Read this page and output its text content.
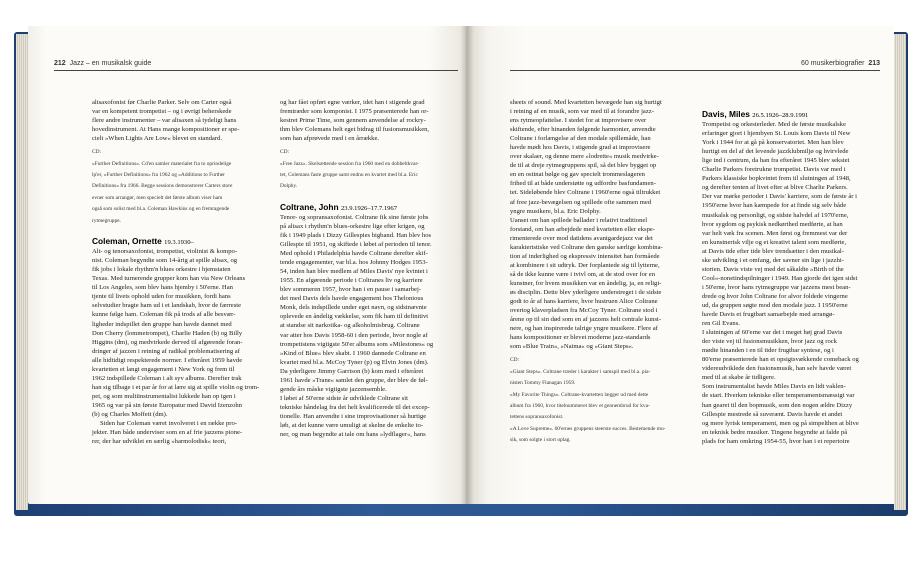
212 Jazz – en musikalsk guide

altsaxofonist før Charlie Parker. Selv om Carter også

var en kompetent trompetist – og i øvrigt beherskede

flere andre instrumenter – var altsaxen så tydeligt hans

hovedinstrument. At Hans mange kompositioner er spe-

cielt »When Lights Are Low« blevet en standard.

CD:

»Further Definitions«. Cd'en samler materialet fra to oprindelige

lp'er, »Further Definitions« fra 1962 og »Additions to Further

Definitions« fra 1966. Begge sessions demonstrerer Carters store

evner som arrangør, men specielt det første album viser ham

også som solist med bl.a. Coleman Hawkins og en fremragende

rytmegruppe.

Coleman, Ornette 19.3.1930–

Alt- og tenorsaxofonist, trompetist, violinist & kompo-

nist. Coleman begyndte som 14-årig at spille altsax, og

fik jobs i lokale rhythm'n blues orkestre i hjemstaten

Texas. Med turnerende grupper kom han via New Orleans

til Los Angeles, som blev hans hjemby i 50'erne. Han

tjente til livets ophold uden for musikken, fordi hans

selvstudier bragte ham ud i et landskab, hvor de færreste

kunne følge ham. Coleman fik på trods af alle besvær-

ligheder indspillet den gruppe han havde dannet med

Don Cherry (lommetrompet), Charlie Haden (b) og Billy

Higgins (dm), og medvirkede derved til afgørende foran-

dringer af jazzen i retning af radikal problematisering af

alle hidtidigt respekterede normer. I efteråret 1959 havde

kvartetten et langt engagement i New York og frem til

1962 indspillede Coleman i alt syv albums. Derefter trak

han sig tilbage i et par år for at lære sig at spille violin og trom-

pet, og som multiinstrumentalist lukkede han op igen i

1965 og var på sin første Europatur med David Izenzohn

(b) og Charles Moffett (dm).

Siden har Coleman været involveret i en række pro-

jekter. Han både underviser som en af frie jazzens pione-

rer, der har udviklet en særlig »harmolodisk« teori,

og har fået opført egne værker, idet han i stigende grad

fremtræder som komponist. I 1975 præsenterede han or-

kestret Prime Time, som gennem anvendelse af rockry-

thm blev Colemans helt eget bidrag til fusionsmusikken,

som han afprøvede med i en årrække.

CD:

»Free Jazz«. Skelsættende session fra 1960 med en dobbeltkvar-

tet, Colemans faste gruppe samt endnu en kvartet med bl.a. Eric

Dolphy.

Coltrane, John 23.9.1926–17.7.1967

Tenor- og sopransaxofonist. Coltrane fik sine første jobs

på altsax i rhythm'n blues-orkestre lige efter krigen, og

fik i 1949 plads i Dizzy Gillespies bigband. Han blev hos

Gillespie til 1951, og skiftede i løbet af perioden til tenor.

Med ophold i Philadelphia havde Coltrane derefter skif-

tende engagementer, var bl.a. hos Johnny Hodges 1953-

54, inden han blev medlem af Miles Davis' nye kvintet i

1955. En afgørende periode i Coltranes liv og karriere

blev sommeren 1957, hvor han i en pause i samarbej-

det med Davis dels havde engagement hos Thelonious

Monk, dels indspillede under eget navn, og sidstnævnte

oplevede en åndelig vækkelse, som fik ham til definitivt

at standse sit narkotika- og alkoholmisbrug. Coltrane

var atter hos Davis 1958-60 i den periode, hvor nogle af

trompetistens vigtigste 50'er albums som »Milestones« og

»Kind of Blue« blev skabt. I 1960 dannede Coltrane en

kvartet med bl.a. McCoy Tyner (p) og Elvin Jones (dm).

Da yderligere Jimmy Garrison (b) kom med i efteråret

1961 havde »Trane« samlet den gruppe, der blev de føl-

gende års måske vigtigste jazzensemble.

I løbet af 50'erne sidste år udviklede Coltrane sit

tekniske håndelag fra det helt kvalificerede til det excep-

tionelle. Han anvendte i sine improvisationer så hurtige

løb, at det kunne være umuligt at skelne de enkelte to-

ner, og man begyndte at tale om hans »lydflager«, hans

60 musikerbiografier 213

sheets of sound. Med kvartetten bevægede han sig hurtigt

i retning af en musik, som var med til at forandre jazz-

ens rytmeopfattelse. I stedet for at improvisere over

skiftende, efter hinanden følgende harmonier, anvendte

Coltrane i forlængelse af den modale spillemåde, han

havde mødt hos Davis, i stigende grad at improvisere

over skalaer, og denne mere »lodrette« musik medvirke-

de til at dreje rytmegruppens spil, så det blev bygget op

en en ostinat bølge og gav specielt trommeslageren

frihed til at både understøtte og udfordre basfundamen-

tet. Sideløbende blev Coltrane i 1960'erne også tiltrukket

af free jazz-bevægelsen og spillede ofte sammen med

yngre musikere, bl.a. Eric Dolphy.

Uanset om han spillede ballader i relativt traditionel

forstand, om han arbejdede med kvartetten eller ekspe-

rimenterede over mod datidens avantgardejazz var det

karakteristiske ved Coltrane den ganske særlige kombina-

tion af inderlighed og ekspressiv intensitet han formåede

at kombinere i sit udtryk. Der forplantede sig til lytterne,

så de ikke kunne være i tvivl om, at de stod over for en

kunstner, for hvem musikken var en åndelig, ja, en religi-

øs disciplin. Dette blev yderligere understreget i de sidste

godt to år af hans karriere, hvor hustruen Alice Coltrane

overtog klaverpladsen fra McCoy Tyner. Coltrane stod i

årene op til sin død som en af jazzens helt centrale kunst-

nere, og han inspirerede talrige yngre musikere. Flere af

hans kompositioner er blevet moderne jazz-standards

som »Blue Train«, »Naima« og »Giant Steps«.

CD:

»Giant Steps«. Coltrane træder i karakter i samspil med bl.a. pia-

nisten Tommy Flanagan 1959.

»My Favorite Things«. Coltrane-kvartetten lægger ud med dette

album fra 1960, hvor titelnummeret blev et gennembrud for kva-

tettens sopransaxofonist.

»A Love Supreme«. 60'ernes gruppens steerste succes. Bestemende mu-

sik, som solgte i stort oplag.

Davis, Miles 26.5.1926–28.9.1991

Trompetist og orkesterleder. Med de første musikalske

erfaringer gjort i hjembyen St. Louis kom Davis til New

York i 1944 for at gå på konservatoriet. Men han blev

hurtigt en del af det levende jazzklubmiljø og hvirvlede

lige ind i centrum, da han fra efteråret 1945 blev sekstet

Charlie Parkers foretrukne trompetist. Davis var med i

Parkers klassiske bopkvintet frem til slutningen af 1948,

og derefter tenten af livet efter at blive Charlie Parkers.

Der var mørke perioder i Davis' karriere, som de første år i

1950'erne hvor han kæmpede for at finde sig selv både

musikalsk og personligt, og sidste halvdel af 1970'erne,

hvor sygdom og psykisk nedkørthed medførte, at han

var helt væk fra scenen. Men først og fremmest var der

en kunstnerisk vilje og et kreativt talent som medførte,

at Davis tide efter tide blev trendsætter i den musikal-

ske udvikling i et omfang, der savner sin lige i jazzhi-

storien. Davis viste vej med det såkaldte »Birth of the

Cool«-nonetindspilninger i 1949. Han gjorde det igen sidst

i 50'erne, hvor hans rytmegruppe var jazzens mest bean-

drede og hvor John Coltrane for alvor foldede vingerne

ud, da gruppen søgte mod den modale jazz. I 1950'erne

havde Davis et frugtbart samarbejde med arrangø-

ren Gil Evans.

I slutningen af 60'erne var det i meget høj grad Davis

der viste vej til fusionsmusikken, hvor jazz og rock

mødte hinanden i en til tider frugtbar syntese, og i

80'erne præsenterede han et opsigtsvækkende comeback og

videreudviklede den fusionsmusik, han selv havde været

med til at skabe år tidligere.

Som instrumentalist havde Miles Davis en lidt vaklen-

de start. Hverken tekniske eller temperamentsmæssigt var

han gearet til den bopmusik, som den nogen ældre Dizzy

Gillespie mestrede så suverænt. Davis havde et andet

og mere lyrisk temperament, men og på simpelthen at blive

en teknisk bedre musiker. Tingene begyndte at falde på

plads for ham omkring 1954-55, hvor han i et repertoire
